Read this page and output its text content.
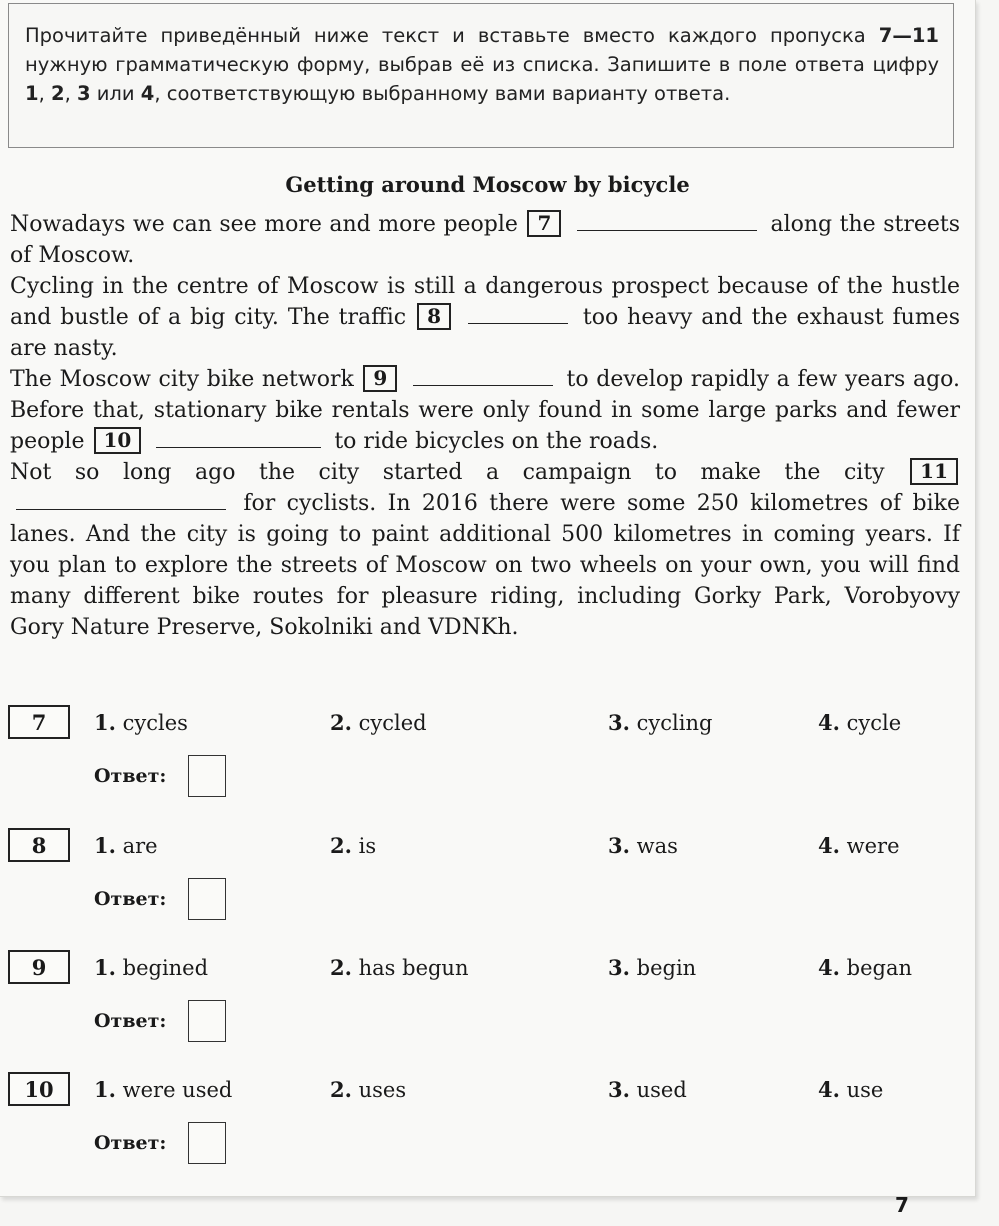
Прочитайте приведённый ниже текст и вставьте вместо каждого пропуска 7—11 нужную грамматическую форму, выбрав её из списка. Запишите в поле ответа цифру 1, 2, 3 или 4, соответствующую выбранному вами варианту ответа.
Getting around Moscow by bicycle
Nowadays we can see more and more people 7	along the streets of Moscow.
Cycling in the centre of Moscow is still a dangerous prospect because of the hustle and bustle of a big city. The traffic 8	too heavy and the exhaust fumes are nasty.
The Moscow city bike network 9	to develop rapidly a few years ago. Before that, stationary bike rentals were only found in some large parks and fewer people 10	to ride bicycles on the roads.
Not so long ago the city started a campaign to make the city 11  for cyclists. In 2016 there were some 250 kilometres of bike lanes. And the city is going to paint additional 500 kilometres in coming years. If you plan to explore the streets of Moscow on two wheels on your own, you will find many different bike routes for pleasure riding, including Gorky Park, Vorobyovy Gory Nature Preserve, Sokolniki and VDNKh.
7	1. cycles	2. cycled	3. cycling	4. cycle
Ответ:
8	1. are	2. is	3. was	4. were
Ответ:
9	1. begined	2. has begun	3. begin	4. began
Ответ:
10	1. were used	2. uses	3. used	4. use
Ответ:
7
